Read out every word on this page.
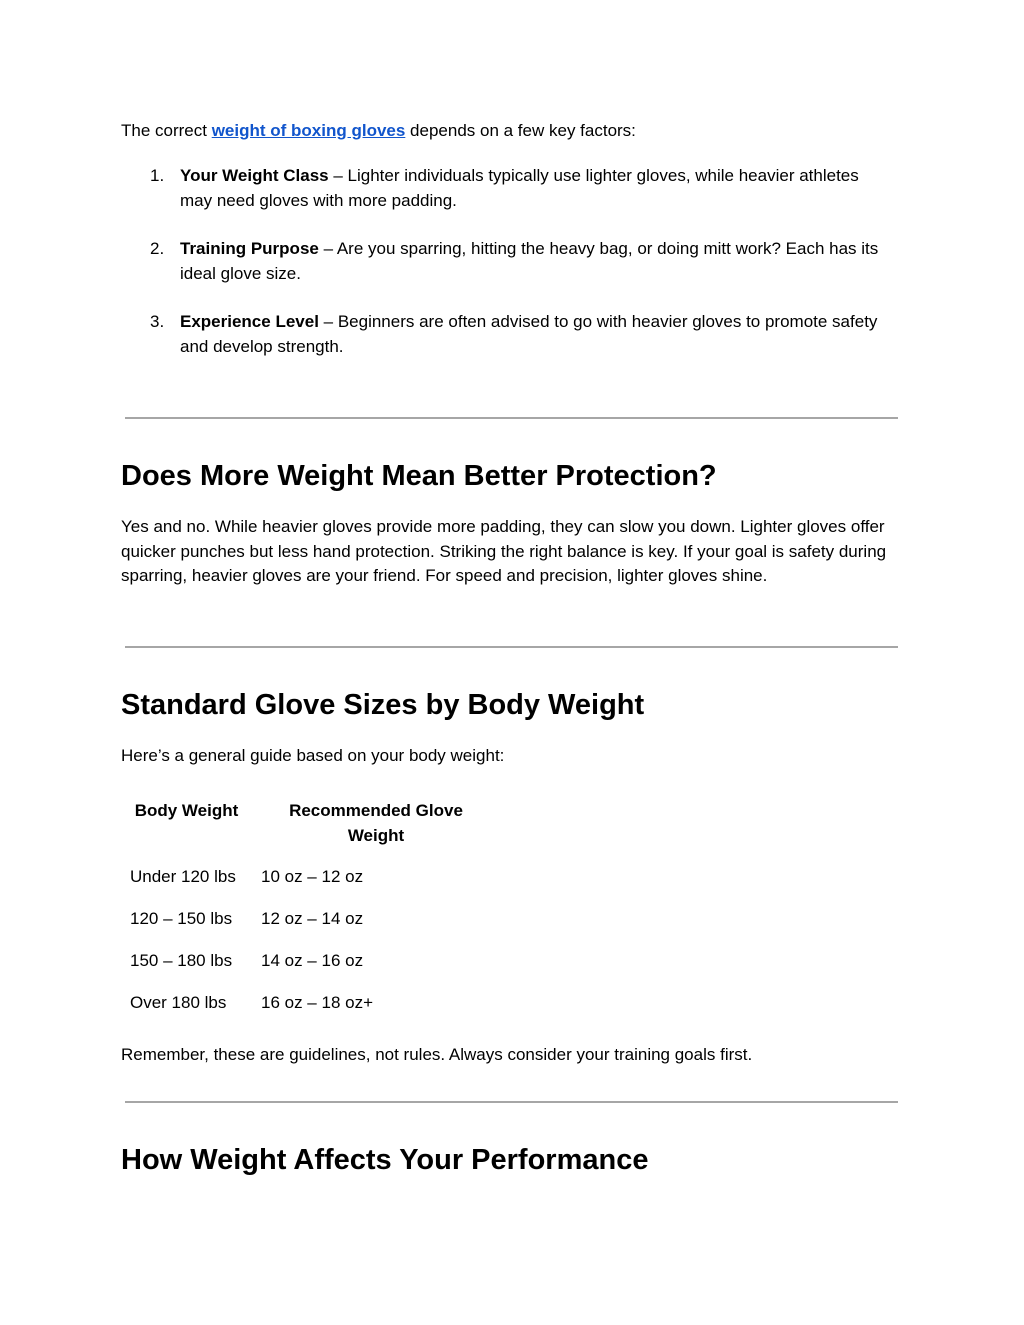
The correct weight of boxing gloves depends on a few key factors:

1. Your Weight Class – Lighter individuals typically use lighter gloves, while heavier athletes may need gloves with more padding.
2. Training Purpose – Are you sparring, hitting the heavy bag, or doing mitt work? Each has its ideal glove size.
3. Experience Level – Beginners are often advised to go with heavier gloves to promote safety and develop strength.
Does More Weight Mean Better Protection?

Yes and no. While heavier gloves provide more padding, they can slow you down. Lighter gloves offer quicker punches but less hand protection. Striking the right balance is key. If your goal is safety during sparring, heavier gloves are your friend. For speed and precision, lighter gloves shine.

Standard Glove Sizes by Body Weight

Here’s a general guide based on your body weight:

Body Weight	Recommended Glove Weight
Under 120 lbs	10 oz – 12 oz
120 – 150 lbs	12 oz – 14 oz
150 – 180 lbs	14 oz – 16 oz
Over 180 lbs	16 oz – 18 oz+

Remember, these are guidelines, not rules. Always consider your training goals first.

How Weight Affects Your Performance
